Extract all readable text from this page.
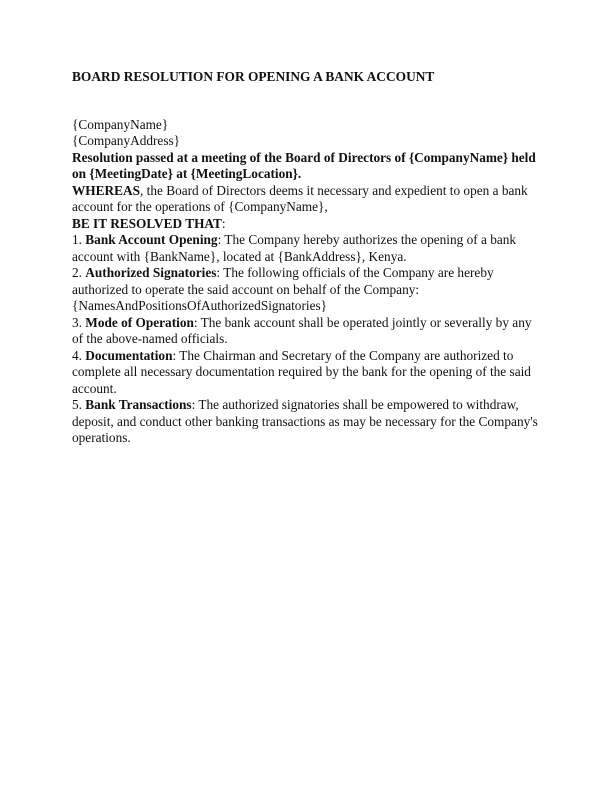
BOARD RESOLUTION FOR OPENING A BANK ACCOUNT

{CompanyName}

{CompanyAddress}

Resolution passed at a meeting of the Board of Directors of {CompanyName} held on {MeetingDate} at {MeetingLocation}.

WHEREAS, the Board of Directors deems it necessary and expedient to open a bank account for the operations of {CompanyName},

BE IT RESOLVED THAT:

1. Bank Account Opening: The Company hereby authorizes the opening of a bank account with {BankName}, located at {BankAddress}, Kenya.

2. Authorized Signatories: The following officials of the Company are hereby authorized to operate the said account on behalf of the Company:

{NamesAndPositionsOfAuthorizedSignatories}

3. Mode of Operation: The bank account shall be operated jointly or severally by any of the above-named officials.

4. Documentation: The Chairman and Secretary of the Company are authorized to complete all necessary documentation required by the bank for the opening of the said account.

5. Bank Transactions: The authorized signatories shall be empowered to withdraw, deposit, and conduct other banking transactions as may be necessary for the Company's operations.
